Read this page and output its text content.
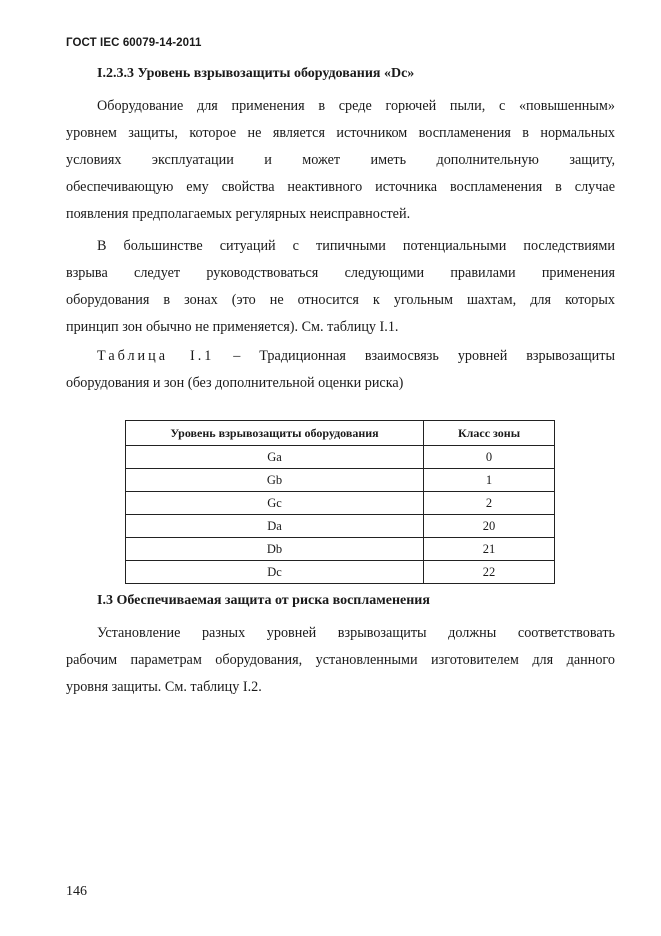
ГОСТ IEC 60079-14-2011
I.2.3.3 Уровень взрывозащиты оборудования «Dc»
Оборудование для применения в среде горючей пыли, с «повышенным»
уровнем защиты, которое не является источником воспламенения в нормальных
условиях эксплуатации и может иметь дополнительную защиту,
обеспечивающую ему свойства неактивного источника воспламенения в случае
появления предполагаемых регулярных неисправностей.
В большинстве ситуаций с типичными потенциальными последствиями
взрыва следует руководствоваться следующими правилами применения
оборудования в зонах (это не относится к угольным шахтам, для которых
принцип зон обычно не применяется). См. таблицу I.1.
Таблица I.1 – Традиционная взаимосвязь уровней взрывозащиты
оборудования и зон (без дополнительной оценки риска)
Уровень взрывозащиты оборудования	Класс зоны
Ga	0
Gb	1
Gc	2
Da	20
Db	21
Dc	22
I.3 Обеспечиваемая защита от риска воспламенения
Установление разных уровней взрывозащиты должны соответствовать
рабочим параметрам оборудования, установленными изготовителем для данного
уровня защиты. См. таблицу I.2.
146
